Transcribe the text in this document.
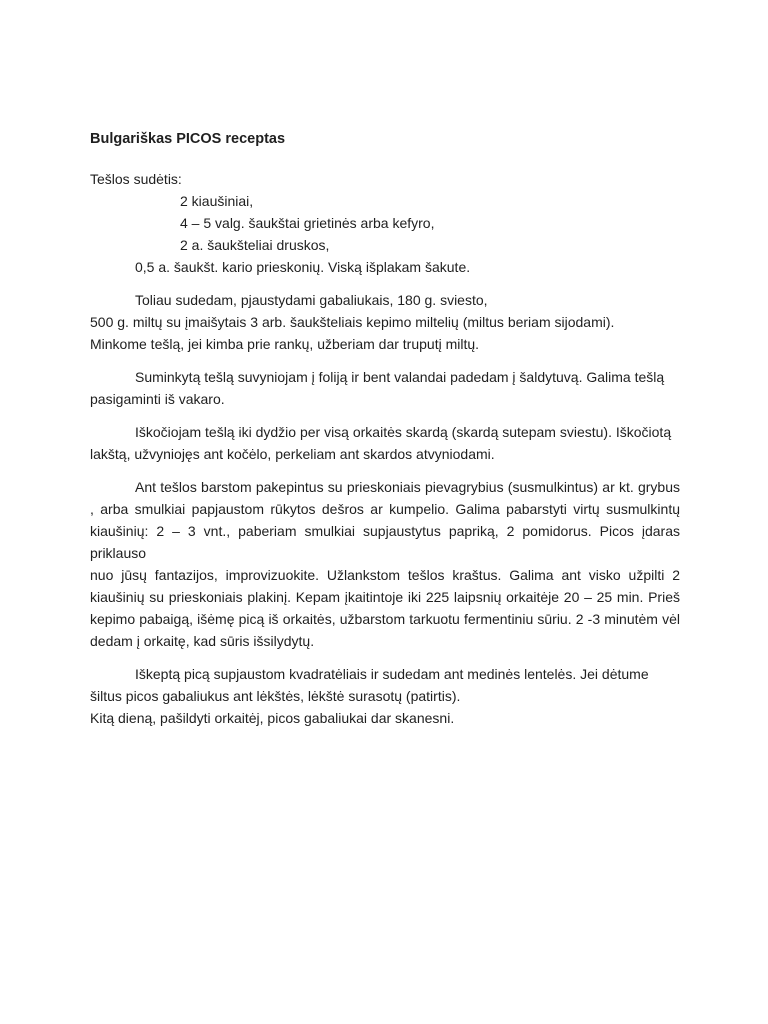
Bulgariškas PICOS receptas
Tešlos sudėtis:
2 kiaušiniai,
4 – 5 valg. šaukštai grietinės arba kefyro,
2 a. šaukšteliai druskos,
0,5 a. šaukšt. kario prieskonių. Viską išplakam šakute.
Toliau sudedam, pjaustydami gabaliukais, 180 g. sviesto,
500 g. miltų su įmaišytais 3 arb. šaukšteliais kepimo miltelių (miltus beriam sijodami).
Minkome tešlą, jei kimba prie rankų, užberiam dar truputį miltų.
Suminkytą tešlą suvyniojam į foliją ir bent valandai padedam į šaldytuvą. Galima tešlą
pasigaminti iš vakaro.
Iškočiojam tešlą iki dydžio per visą orkaitės skardą (skardą sutepam sviestu). Iškočiotą
lakštą, užvyniojęs ant kočėlo, perkeliam ant skardos atvyniodami.
Ant tešlos barstom pakepintus su prieskoniais pievagrybius (susmulkintus) ar kt. grybus
, arba smulkiai papjaustom rūkytos dešros ar kumpelio. Galima pabarstyti virtų susmulkintų
kiaušinių: 2 – 3 vnt., paberiam smulkiai supjaustytus papriką, 2 pomidorus. Picos įdaras priklauso
nuo jūsų fantazijos, improvizuokite. Užlankstom tešlos kraštus. Galima ant visko užpilti 2
kiaušinių su prieskoniais plakinį. Kepam įkaitintoje iki 225 laipsnių orkaitėje 20 – 25 min. Prieš
kepimo pabaigą, išėmę picą iš orkaitės, užbarstom tarkuotu fermentiniu sūriu. 2 -3 minutėm vėl
dedam į orkaitę, kad sūris išsilydytų.
Iškeptą picą supjaustom kvadratėliais ir sudedam ant medinės lentelės. Jei dėtume
šiltus picos gabaliukus ant lėkštės, lėkštė surasotų (patirtis).
Kitą dieną, pašildyti orkaitėj, picos gabaliukai dar skanesni.
